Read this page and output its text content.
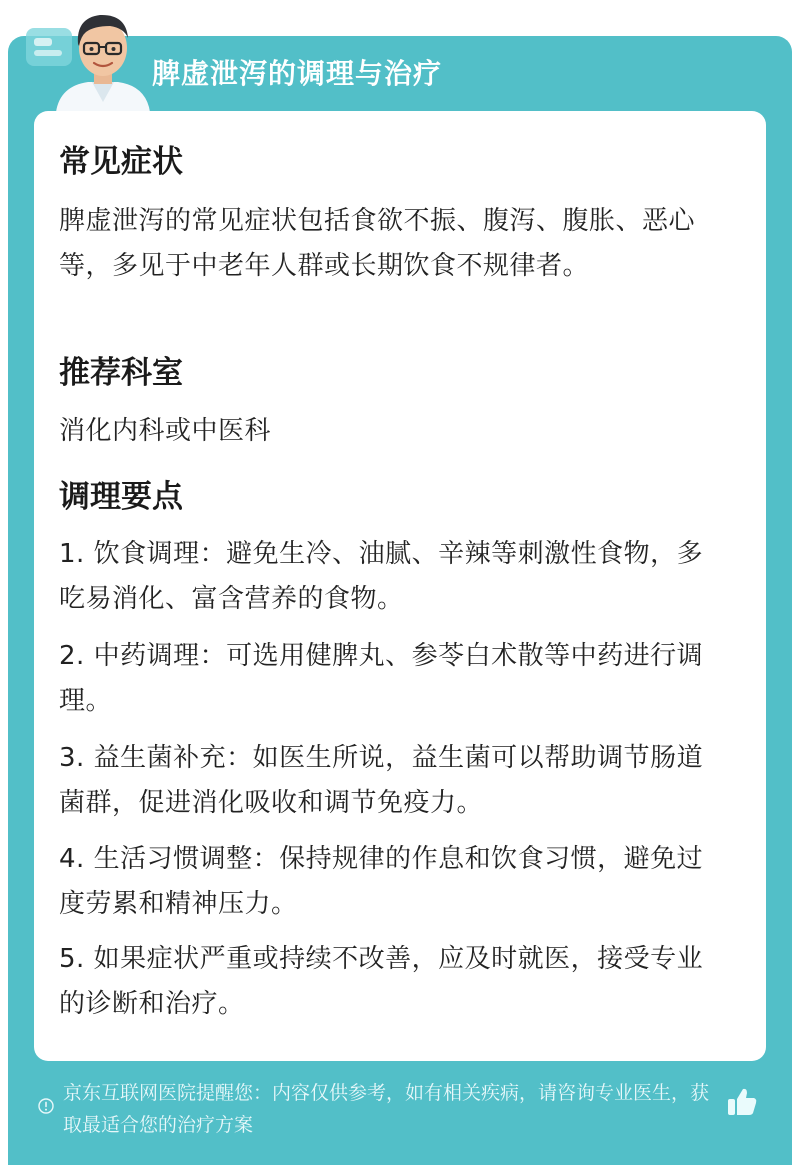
脾虚泄泻的调理与治疗
常见症状
脾虚泄泻的常见症状包括食欲不振、腹泻、腹胀、恶心等，多见于中老年人群或长期饮食不规律者。
推荐科室
消化内科或中医科
调理要点
1. 饮食调理：避免生冷、油腻、辛辣等刺激性食物，多吃易消化、富含营养的食物。
2. 中药调理：可选用健脾丸、参苓白术散等中药进行调理。
3. 益生菌补充：如医生所说，益生菌可以帮助调节肠道菌群，促进消化吸收和调节免疫力。
4. 生活习惯调整：保持规律的作息和饮食习惯，避免过度劳累和精神压力。
5. 如果症状严重或持续不改善，应及时就医，接受专业的诊断和治疗。
京东互联网医院提醒您：内容仅供参考，如有相关疾病，请咨询专业医生，获取最适合您的治疗方案
